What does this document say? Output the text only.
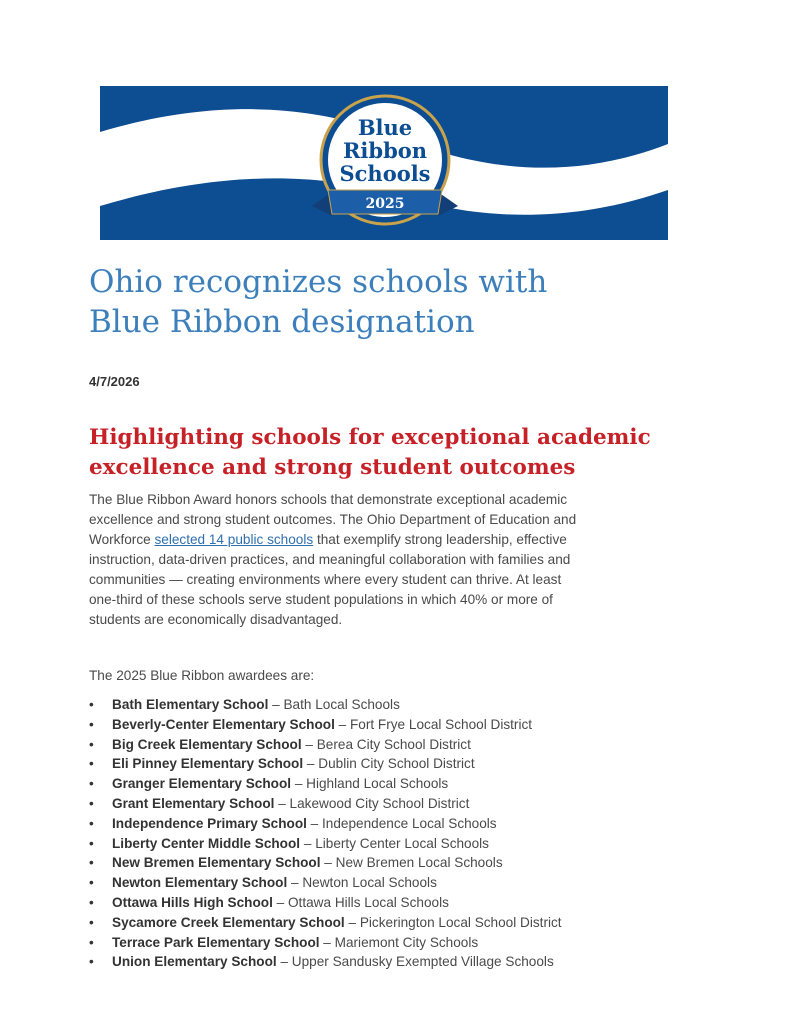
Blue
Ribbon
Schools
2025
Ohio recognizes schools with
Blue Ribbon designation
4/7/2026
Highlighting schools for exceptional academic
excellence and strong student outcomes

The Blue Ribbon Award honors schools that demonstrate exceptional academic excellence and strong student outcomes. The Ohio Department of Education and Workforce selected 14 public schools that exemplify strong leadership, effective instruction, data-driven practices, and meaningful collaboration with families and communities — creating environments where every student can thrive. At least one-third of these schools serve student populations in which 40% or more of students are economically disadvantaged.

The 2025 Blue Ribbon awardees are:
• Bath Elementary School – Bath Local Schools
• Beverly-Center Elementary School – Fort Frye Local School District
• Big Creek Elementary School – Berea City School District
• Eli Pinney Elementary School – Dublin City School District
• Granger Elementary School – Highland Local Schools
• Grant Elementary School – Lakewood City School District
• Independence Primary School – Independence Local Schools
• Liberty Center Middle School – Liberty Center Local Schools
• New Bremen Elementary School – New Bremen Local Schools
• Newton Elementary School – Newton Local Schools
• Ottawa Hills High School – Ottawa Hills Local Schools
• Sycamore Creek Elementary School – Pickerington Local School District
• Terrace Park Elementary School – Mariemont City Schools
• Union Elementary School – Upper Sandusky Exempted Village Schools
